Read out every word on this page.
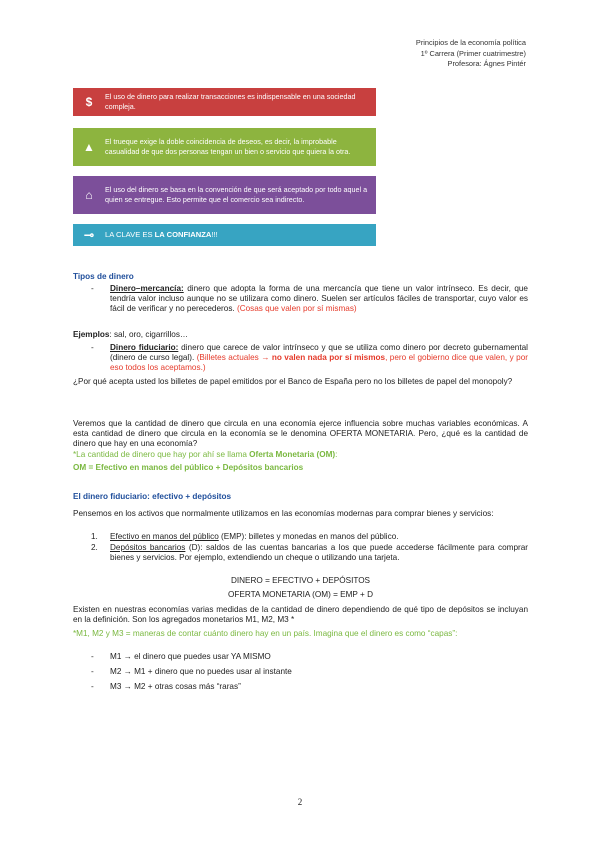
Principios de la economía política
1º Carrera (Primer cuatrimestre)
Profesora: Ágnes Pintér
$	El uso de dinero para realizar transacciones es indispensable en una sociedad compleja.
▲	El trueque exige la doble coincidencia de deseos, es decir, la improbable casualidad de que dos personas tengan un bien o servicio que quiera la otra.
⌂	El uso del dinero se basa en la convención de que será aceptado por todo aquel a quien se entregue. Esto permite que el comercio sea indirecto.
⊸	LA CLAVE ES LA CONFIANZA!!!
Tipos de dinero
- Dinero–mercancía: dinero que adopta la forma de una mercancía que tiene un valor intrínseco. Es decir, que tendría valor incluso aunque no se utilizara como dinero. Suelen ser artículos fáciles de transportar, cuyo valor es fácil de verificar y no perecederos. (Cosas que valen por sí mismas)
Ejemplos: sal, oro, cigarrillos…
- Dinero fiduciario: dinero que carece de valor intrínseco y que se utiliza como dinero por decreto gubernamental (dinero de curso legal). (Billetes actuales → no valen nada por sí mismos, pero el gobierno dice que valen, y por eso todos los aceptamos.)
¿Por qué acepta usted los billetes de papel emitidos por el Banco de España pero no los billetes de papel del monopoly?
Veremos que la cantidad de dinero que circula en una economía ejerce influencia sobre muchas variables económicas. A esta cantidad de dinero que circula en la economía se le denomina OFERTA MONETARIA. Pero, ¿qué es la cantidad de dinero que hay en una economía?
*La cantidad de dinero que hay por ahí se llama Oferta Monetaria (OM):
OM = Efectivo en manos del público + Depósitos bancarios
El dinero fiduciario: efectivo + depósitos
Pensemos en los activos que normalmente utilizamos en las economías modernas para comprar bienes y servicios:
1. Efectivo en manos del público (EMP): billetes y monedas en manos del público.
2. Depósitos bancarios (D): saldos de las cuentas bancarias a los que puede accederse fácilmente para comprar bienes y servicios. Por ejemplo, extendiendo un cheque o utilizando una tarjeta.
DINERO = EFECTIVO + DEPÓSITOS
OFERTA MONETARIA (OM) = EMP + D
Existen en nuestras economías varias medidas de la cantidad de dinero dependiendo de qué tipo de depósitos se incluyan en la definición. Son los agregados monetarios M1, M2, M3 *
*M1, M2 y M3 = maneras de contar cuánto dinero hay en un país. Imagina que el dinero es como “capas”:
- M1 → el dinero que puedes usar YA MISMO
- M2 → M1 + dinero que no puedes usar al instante
- M3 → M2 + otras cosas más “raras”
2
